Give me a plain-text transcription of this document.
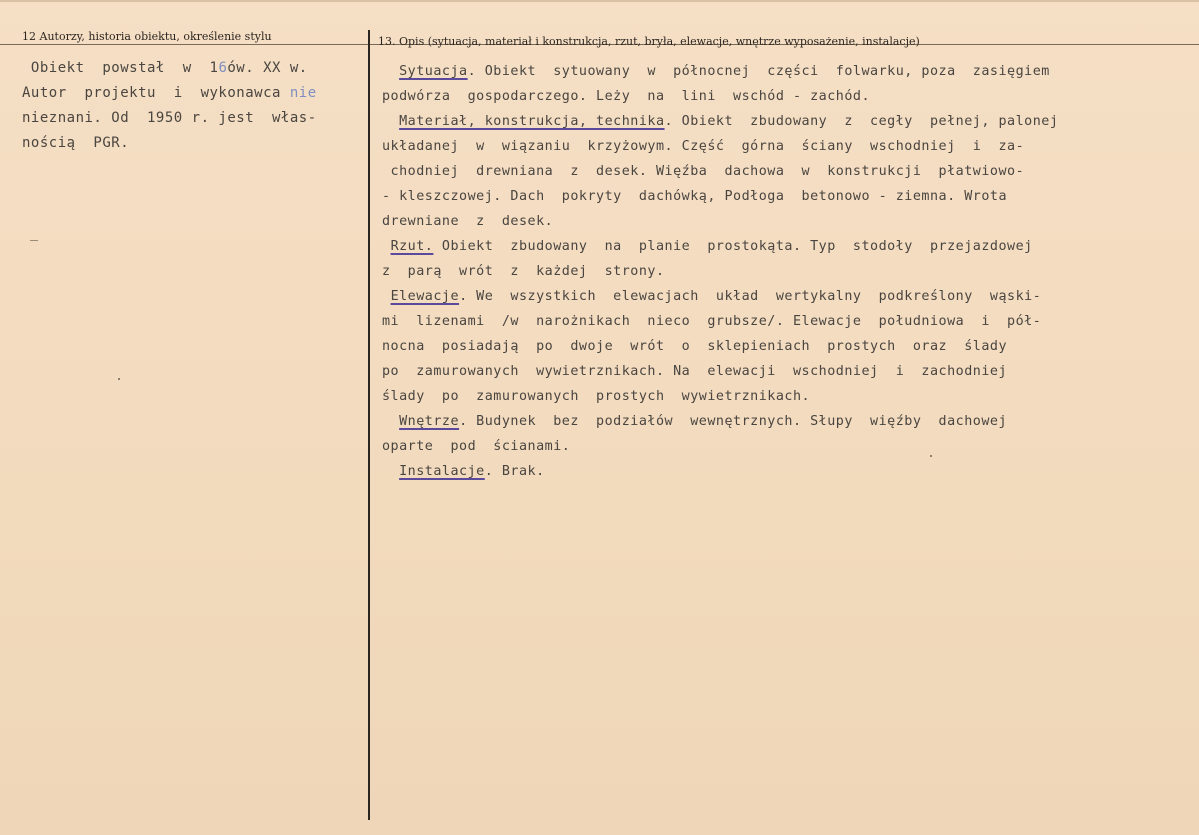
12 Autorzy, historia obiektu, określenie stylu	13. Opis (sytuacja, materiał i konstrukcja, rzut, bryła, elewacje, wnętrze wyposażenie, instalacje)
Obiekt  powstał  w  16ów. XX w.
Autor  projektu  i  wykonawca nie
nieznani. Od  1950 r. jest  włas-
nością  PGR.
Sytuacja. Obiekt  sytuowany  w  północnej  części  folwarku, poza  zasięgiem
podwórza  gospodarczego. Leży  na  lini  wschód - zachód.
Materiał, konstrukcja, technika. Obiekt  zbudowany  z  cegły  pełnej, palonej
układanej  w  wiązaniu  krzyżowym. Część  górna  ściany  wschodniej  i  za-
chodniej  drewniana  z  desek. Więźba  dachowa  w  konstrukcji  płatwiowo-
- kleszczowej. Dach  pokryty  dachówką, Podłoga  betonowo - ziemna. Wrota
drewniane  z  desek.
Rzut. Obiekt  zbudowany  na  planie  prostokąta. Typ  stodoły  przejazdowej
z  parą  wrót  z  każdej  strony.
Elewacje. We  wszystkich  elewacjach  układ  wertykalny  podkreślony  wąski-
mi  lizenami  /w  narożnikach  nieco  grubsze/. Elewacje  południowa  i  pół-
nocna  posiadają  po  dwoje  wrót  o  sklepieniach  prostych  oraz  ślady
po  zamurowanych  wywietrznikach. Na  elewacji  wschodniej  i  zachodniej
ślady  po  zamurowanych  prostych  wywietrznikach.
Wnętrze. Budynek  bez  podziałów  wewnętrznych. Słupy  więźby  dachowej
oparte  pod  ścianami.
Instalacje. Brak.
